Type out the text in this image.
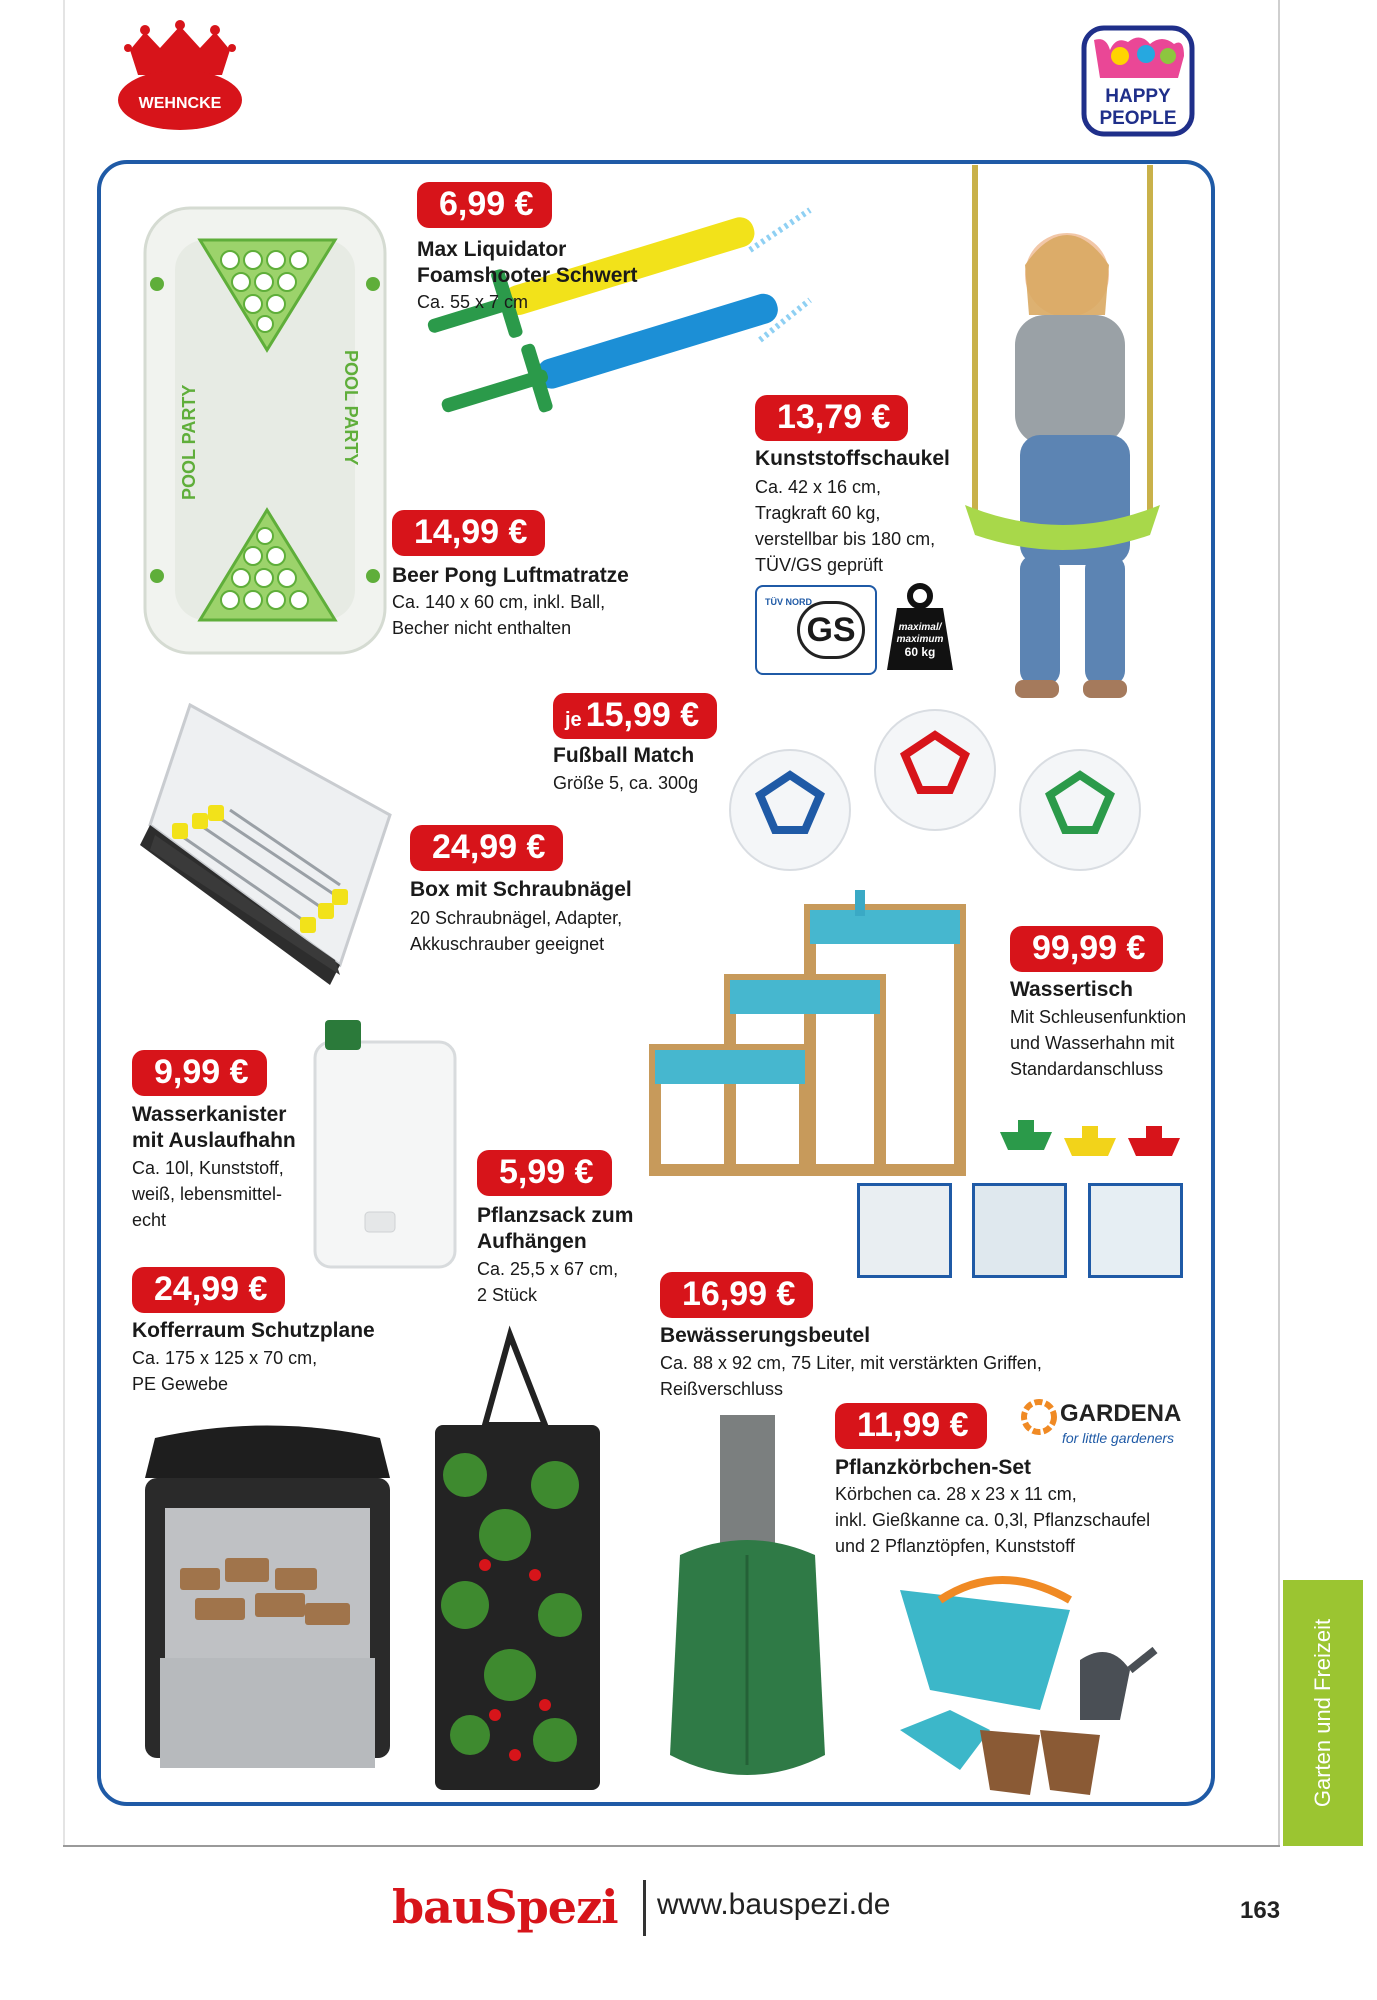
WEHNCKE	HAPPY
PEOPLE
POOL PARTY	POOL PARTY
TÜV NORD
GS	maximal/
maximum
60 kg
GARDENA
for little gardeners
6,99 €
Max Liquidator
Foamshooter Schwert
Ca. 55 x 7 cm
14,99 €
Beer Pong Luftmatratze
Ca. 140 x 60 cm, inkl. Ball,
Becher nicht enthalten
13,79 €
Kunststoffschaukel
Ca. 42 x 16 cm,
Tragkraft 60 kg,
verstellbar bis 180 cm,
TÜV/GS geprüft
je 15,99 €
Fußball Match
Größe 5, ca. 300g
24,99 €
Box mit Schraubnägel
20 Schraubnägel, Adapter,
Akkuschrauber geeignet	99,99 €
Wassertisch
Mit Schleusenfunktion
und Wasserhahn mit
Standardanschluss
9,99 €
Wasserkanister
mit Auslaufhahn
Ca. 10l, Kunststoff,
weiß, lebensmittel-
echt
5,99 €
Pflanzsack zum
Aufhängen
Ca. 25,5 x 67 cm,
2 Stück
24,99 €
Kofferraum Schutzplane
Ca. 175 x 125 x 70 cm,
PE Gewebe
16,99 €
Bewässerungsbeutel
Ca. 88 x 92 cm, 75 Liter, mit verstärkten Griffen,
Reißverschluss
11,99 €
Pflanzkörbchen-Set
Körbchen ca. 28 x 23 x 11 cm,
inkl. Gießkanne ca. 0,3l, Pflanzschaufel
und 2 Pflanztöpfen, Kunststoff
Garten und Freizeit
bauSpezi www.bauspezi.de	163
